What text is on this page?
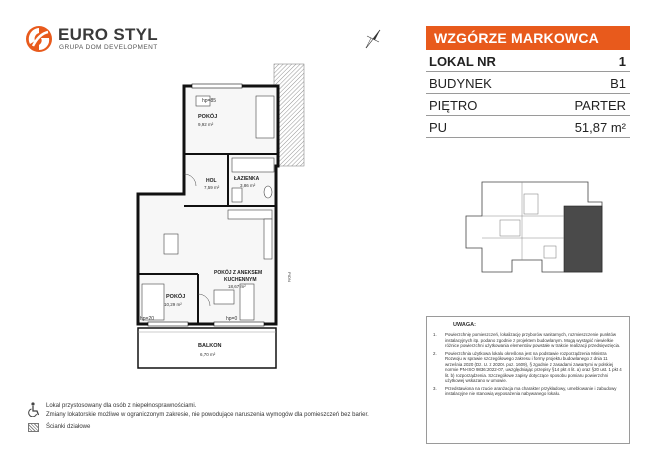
EURO STYL
GRUPA DOM DEVELOPMENT
WZGÓRZE MARKOWCA
LOKAL NR	1
BUDYNEK	B1
PIĘTRO	PARTER
PU	51,87 m²
hp=85
POKÓJ
9,92 m²
ŁAZIENKA
3,86 m²
HOL
7,59 m²
POKÓJ Z ANEKSEM
KUCHENNYM
18,67 m²
POKÓJ
10,29 m²
hp=20	hp=0
BALKON
6,70 m²
PION
UWAGA:
1. Powierzchnię pomieszczeń, lokalizację przyborów sanitarnych, rozmieszczenie punktów instalacyjnych itp. podano zgodnie z projektem budowlanym. Mogą wystąpić niewielkie różnice powierzchni użytkowania elementów powstałe w trakcie realizacji przedsięwzięcia.
2. Powierzchnia użytkowa lokalu określona jest na podstawie rozporządzenia Ministra Rozwoju w sprawie szczegółowego zakresu i formy projektu budowlanego z dnia 11 września 2020 (Dz. U. z 2020r. poz. 1609), § zgodnie z zasadami zawartymi w polskiej normie PN-ISO 9836:2022-07, uwzględniając przepisy §14 pkt 4 lit. a) oraz §20 ust. 1 pkt 4 lit. b) rozporządzenia. Szczegółowe zapisy dotyczące sposobu pomiaru powierzchni użytkowej wskazano w umowie.
3. Przedstawiona na rzucie aranżacja ma charakter przykładowy, umeblowanie i zabudowy instalacyjne nie stanowią wyposażenia nabywanego lokalu.
Lokal przystosowany dla osób z niepełnosprawnościami.
Zmiany lokatorskie możliwe w ograniczonym zakresie, nie powodujące naruszenia wymogów dla pomieszczeń bez barier.
Ścianki działowe
